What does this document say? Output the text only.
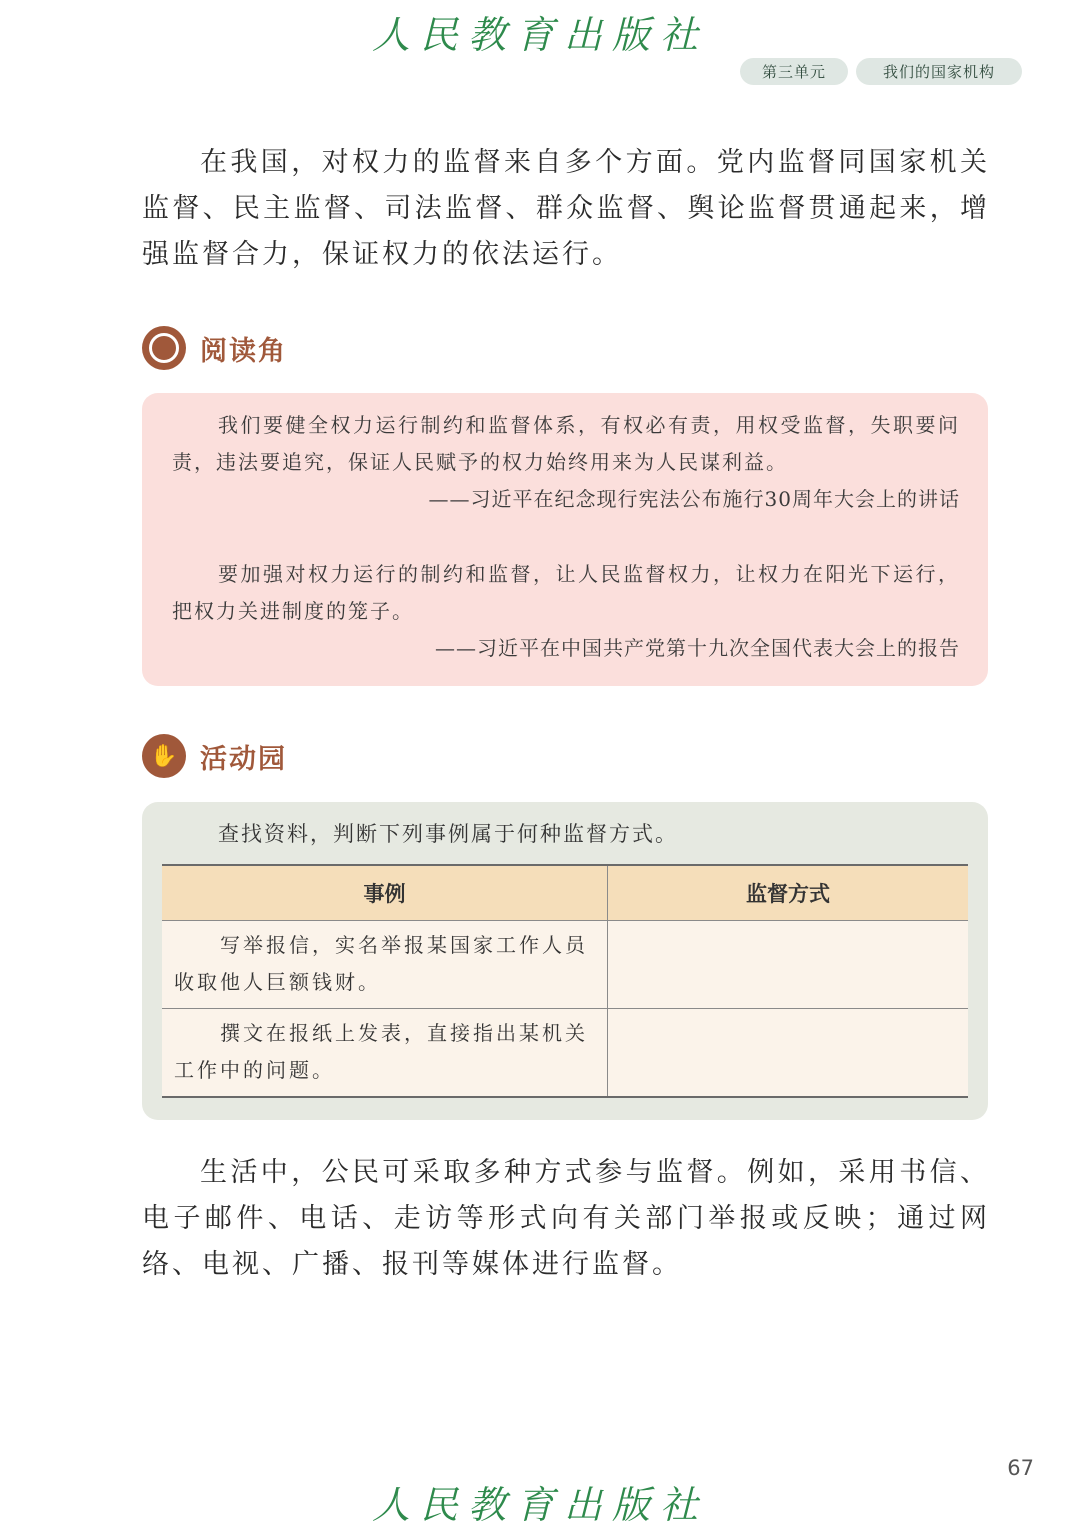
人民教育出版社
第三单元	我们的国家机构

在我国，对权力的监督来自多个方面。党内监督同国家机关监督、民主监督、司法监督、群众监督、舆论监督贯通起来，增强监督合力，保证权力的依法运行。

阅读角

我们要健全权力运行制约和监督体系，有权必有责，用权受监督，失职要问责，违法要追究，保证人民赋予的权力始终用来为人民谋利益。

——习近平在纪念现行宪法公布施行30周年大会上的讲话

要加强对权力运行的制约和监督，让人民监督权力，让权力在阳光下运行，把权力关进制度的笼子。

——习近平在中国共产党第十九次全国代表大会上的报告

✋ 活动园

查找资料，判断下列事例属于何种监督方式。

事例	监督方式
写举报信，实名举报某国家工作人员收取他人巨额钱财。	
撰文在报纸上发表，直接指出某机关工作中的问题。	

生活中，公民可采取多种方式参与监督。例如，采用书信、电子邮件、电话、走访等形式向有关部门举报或反映；通过网络、电视、广播、报刊等媒体进行监督。

67
人民教育出版社
